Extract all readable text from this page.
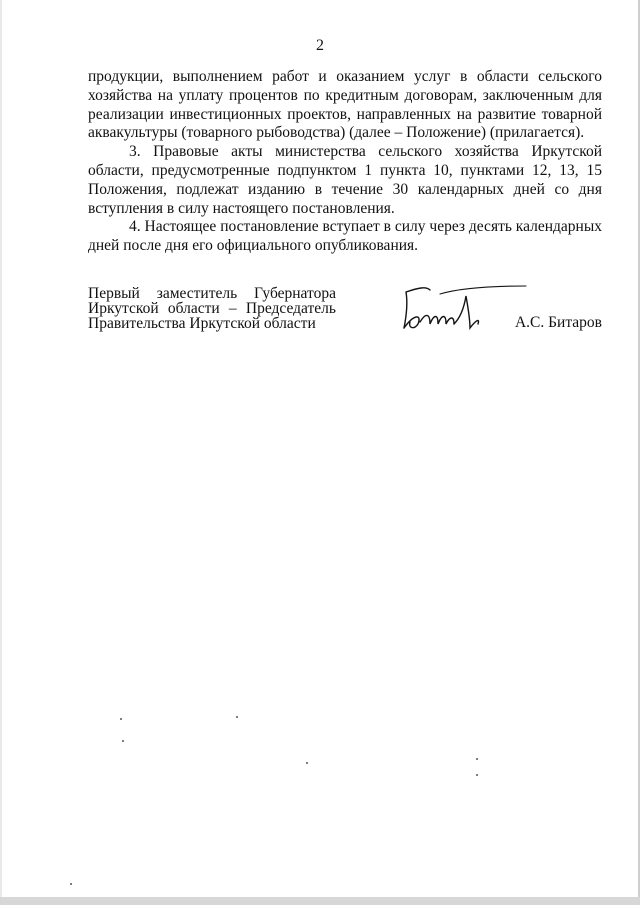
2

продукции, выполнением работ и оказанием услуг в области сельского хозяйства на уплату процентов по кредитным договорам, заключенным для реализации инвестиционных проектов, направленных на развитие товарной аквакультуры (товарного рыбоводства) (далее – Положение) (прилагается).

3. Правовые акты министерства сельского хозяйства Иркутской области, предусмотренные подпунктом 1 пункта 10, пунктами 12, 13, 15 Положения, подлежат изданию в течение 30 календарных дней со дня вступления в силу настоящего постановления.

4. Настоящее постановление вступает в силу через десять календарных дней после дня его официального опубликования.

Первый заместитель Губернатора
Иркутской области – Председатель
Правительства Иркутской области	А.С. Битаров
